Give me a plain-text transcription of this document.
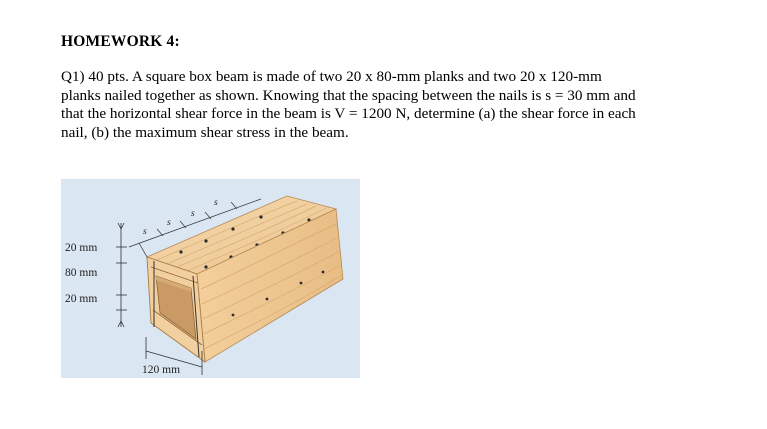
HOMEWORK 4:
Q1) 40 pts. A square box beam is made of two 20 x 80-mm planks and two 20 x 120-mm
planks nailed together as shown. Knowing that the spacing between the nails is s = 30 mm and
that the horizontal shear force in the beam is V = 1200 N, determine (a) the shear force in each
nail, (b) the maximum shear stress in the beam.
20 mm
80 mm
20 mm
120 mm
s
s
s
s
